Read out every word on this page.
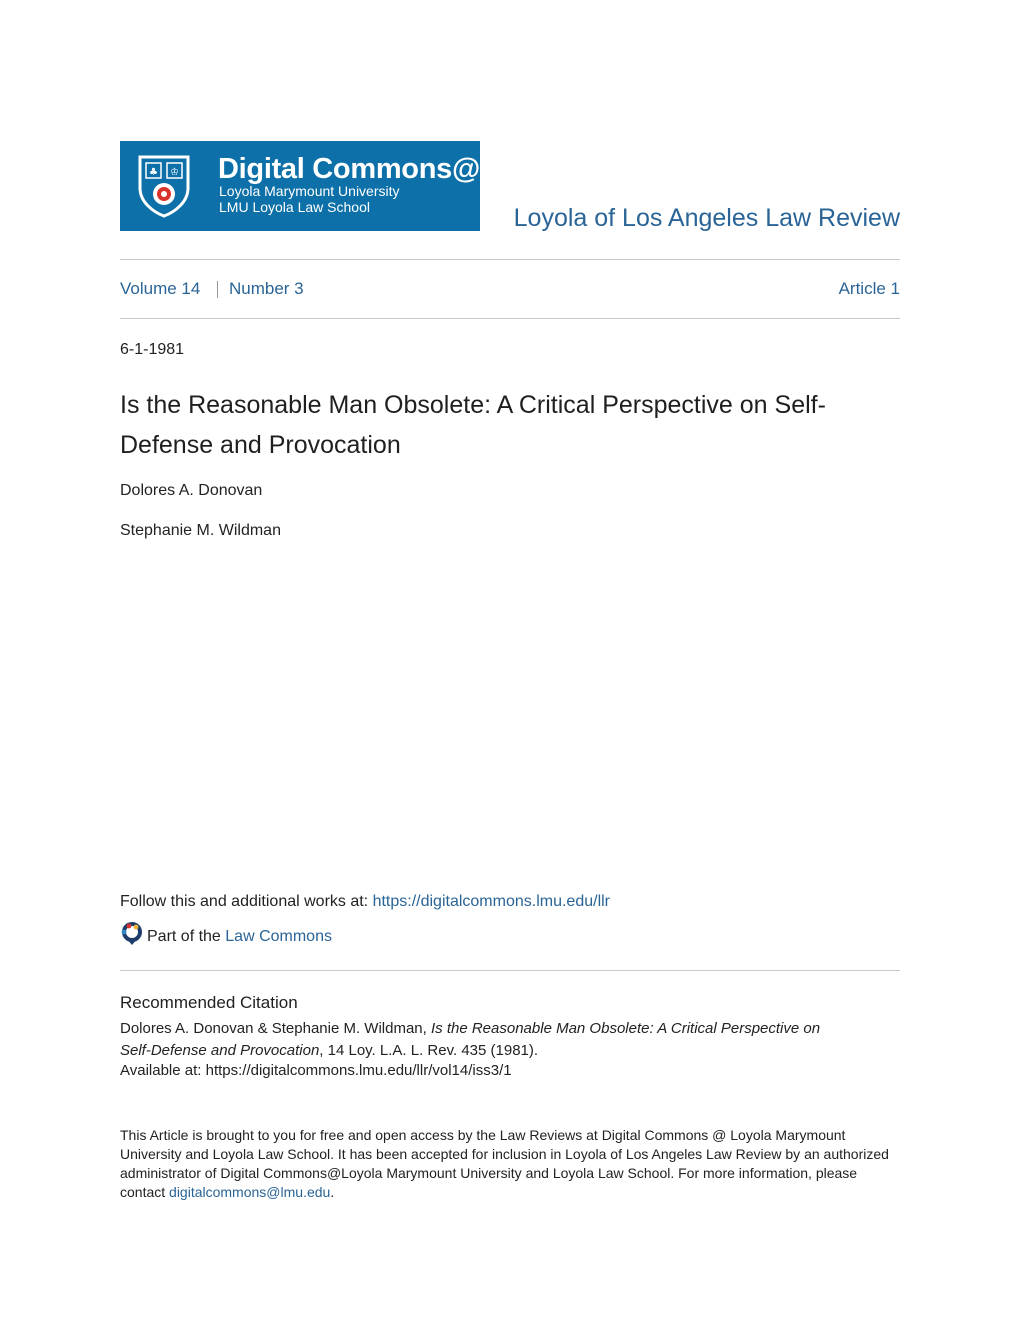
♣ ♔ Digital Commons@
Loyola Marymount University
LMU Loyola Law School	Loyola of Los Angeles Law Review
Volume 14 Number 3	Article 1
6-1-1981
Is the Reasonable Man Obsolete: A Critical Perspective on Self-
Defense and Provocation
Dolores A. Donovan
Stephanie M. Wildman
Follow this and additional works at: https://digitalcommons.lmu.edu/llr
Part of the Law Commons
Recommended Citation
Dolores A. Donovan & Stephanie M. Wildman, Is the Reasonable Man Obsolete: A Critical Perspective on
Self-Defense and Provocation, 14 Loy. L.A. L. Rev. 435 (1981).
Available at: https://digitalcommons.lmu.edu/llr/vol14/iss3/1
This Article is brought to you for free and open access by the Law Reviews at Digital Commons @ Loyola Marymount University and Loyola Law School. It has been accepted for inclusion in Loyola of Los Angeles Law Review by an authorized administrator of Digital Commons@Loyola Marymount University and Loyola Law School. For more information, please contact digitalcommons@lmu.edu.
